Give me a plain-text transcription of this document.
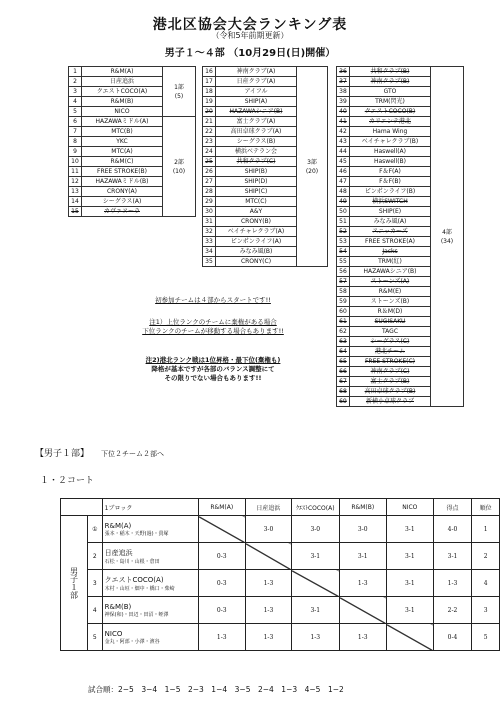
港北区協会大会ランキング表
（令和5年前期更新）
男子１～４部 （10月29日(日)開催）
1	R&M(A)	1部
(5)
2	日産追浜	
3	クエストCOCO(A)	
4	R&M(B)	
5	NICO	
6	HAZAWAミドル(A)	2部
(10)
7	MTC(B)	
8	YKC	
9	MTC(A)	
10	R&M(C)	
11	FREE STROKE(B)	
12	HAZAWAミドル(B)	
13	CRONY(A)	
14	シーグラス(A)	
15	カヴァヌーラ	
16	神南クラブ(A)	3部
(20)
17	日産クラブ(A)	
18	アイフル	
19	SHIP(A)	
20	HAZAWAシニア(B)	
21	富士クラブ(A)	
22	高田卓球クラブ(A)	
23	シーグラス(B)	
24	横浜ベテラン会	
25	共和クラブ(C)	
26	SHIP(B)	
27	SHIP(D)	
28	SHIP(C)	
29	MTC(C)	
30	A&Y	
31	CRONY(B)	
32	ベイチャレクラブ(A)	
33	ピンポンライフ(A)	
34	みなみ風(B)	
35	CRONY(C)	
36	共和クラブ(B)	4部
(34)
37	神南クラブ(B)	
38	GTO	
39	TRM(閃光)	
40	クエストCOCO(B)	
41	カリエンテ港北	
42	Hama Wing	
43	ベイチャレクラブ(B)	
44	Haswell(A)	
45	Haswell(B)	
46	F＆F(A)	
47	F＆F(B)	
48	ピンポンライフ(B)	
49	横浜SWITCH	
50	SHIP(E)	
51	みなみ風(A)	
52	スニッカーズ	
53	FREE STROKE(A)	
54	Jacks	
55	TRM(紅)	
56	HAZAWAシニア(B)	
57	ストーンズ(A)	
58	R&M(E)	
59	ストーンズ(B)	
60	R＆M(D)	
61	SUGISAKU	
62	TAGC	
63	シーグラス(C)	
64	港北チーム	
65	FREE STROKE(C)	
66	神南クラブ(C)	
67	富士クラブ(B)	
68	高田卓球クラブ(B)	
69	新横小卓球クラブ	
初参加チームは４部からスタートです!!
注1）上位ランクのチームに棄権がある場合
下位ランクのチームが移動する場合もあります!!
注2)港北ランク戦は1位昇格・最下位(棄権も)
降格が基本ですが各部のバランス調整にて
その限りでない場合もあります!!
【男子１部】 下位２チーム２部へ
１・２コート
		1ブロック	R&M(A)	日産追浜	ｸｴｽﾄCOCO(A)	R&M(B)	NICO	得点	順位
男子１部	①	R&M(A)
張本・稲木・天野(過)・貴塚		3-0	3-0	3-0	3-1	4-0	1
	2	日産追浜
石松・島川・山根・倉田	0-3		3-1	3-1	3-1	3-1	2
	3	クエストCOCO(A)
木村・山垣・畑中・橋口・柴崎	0-3	1-3		1-3	3-1	1-3	4
	4	R&M(B)
神保(和)・田辺・田沼・蛭澤	0-3	1-3	3-1		3-1	2-2	3
	5	NICO
金丸・阿部・小澤・濱谷	1-3	1-3	1-3	1-3		0-4	5
試合順：2−5　3−4　1−5　2−3　1−4　3−5　2−4　1−3　4−5　1−2
